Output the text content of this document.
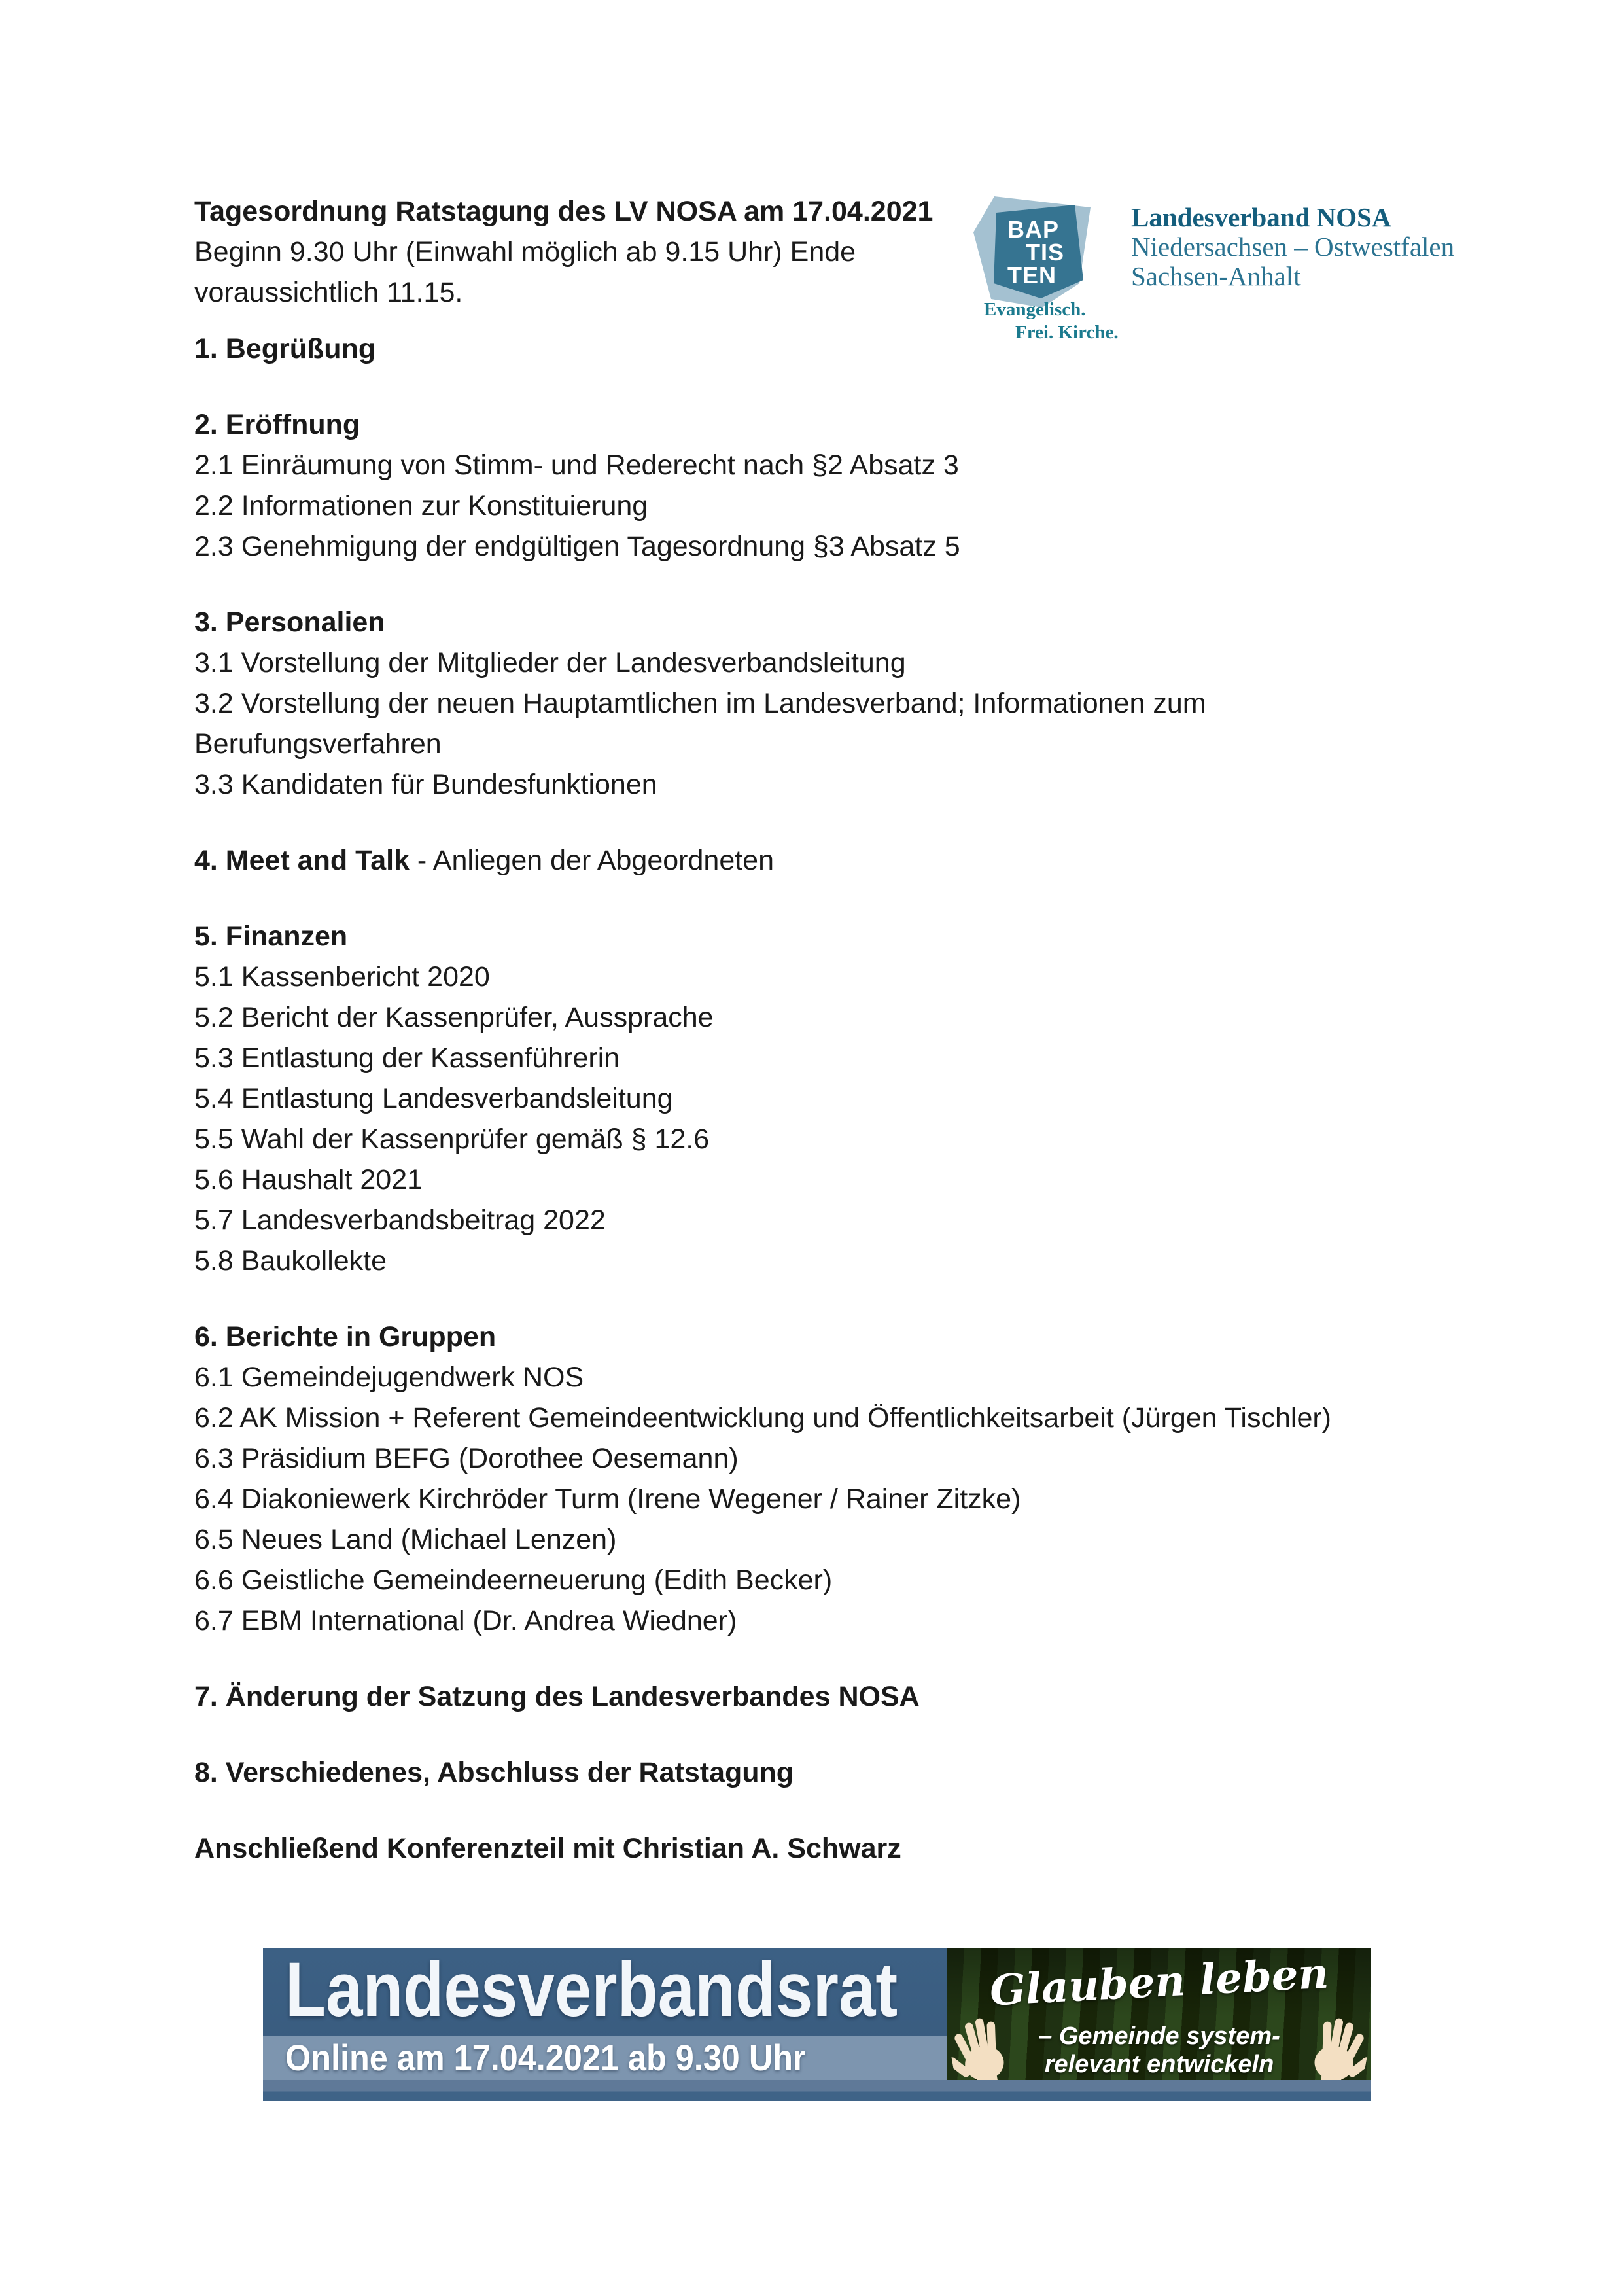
Tagesordnung Ratstagung des LV NOSA am 17.04.2021

Beginn 9.30 Uhr (Einwahl möglich ab 9.15 Uhr) Ende

voraussichtlich 11.15.

1. Begrüßung

2. Eröffnung

2.1 Einräumung von Stimm- und Rederecht nach §2 Absatz 3

2.2 Informationen zur Konstituierung

2.3 Genehmigung der endgültigen Tagesordnung §3 Absatz 5

3. Personalien

3.1 Vorstellung der Mitglieder der Landesverbandsleitung

3.2 Vorstellung der neuen Hauptamtlichen im Landesverband; Informationen zum

Berufungsverfahren

3.3 Kandidaten für Bundesfunktionen

4. Meet and Talk - Anliegen der Abgeordneten

5. Finanzen

5.1 Kassenbericht 2020

5.2 Bericht der Kassenprüfer, Aussprache

5.3 Entlastung der Kassenführerin

5.4 Entlastung Landesverbandsleitung

5.5 Wahl der Kassenprüfer gemäß § 12.6

5.6 Haushalt 2021

5.7 Landesverbandsbeitrag 2022

5.8 Baukollekte

6. Berichte in Gruppen

6.1 Gemeindejugendwerk NOS

6.2 AK Mission + Referent Gemeindeentwicklung und Öffentlichkeitsarbeit (Jürgen Tischler)

6.3 Präsidium BEFG (Dorothee Oesemann)

6.4 Diakoniewerk Kirchröder Turm (Irene Wegener / Rainer Zitzke)

6.5 Neues Land (Michael Lenzen)

6.6 Geistliche Gemeindeerneuerung (Edith Becker)

6.7 EBM International (Dr. Andrea Wiedner)

7. Änderung der Satzung des Landesverbandes NOSA

8. Verschiedenes, Abschluss der Ratstagung

Anschließend Konferenzteil mit Christian A. Schwarz

BAP
TIS
TEN
Evangelisch.
Frei. Kirche.
Landesverband NOSA
Niedersachsen – Ostwestfalen
Sachsen-Anhalt
Landesverbandsrat
Online am 17.04.2021 ab 9.30 Uhr
Glauben leben
– Gemeinde system-
relevant entwickeln
